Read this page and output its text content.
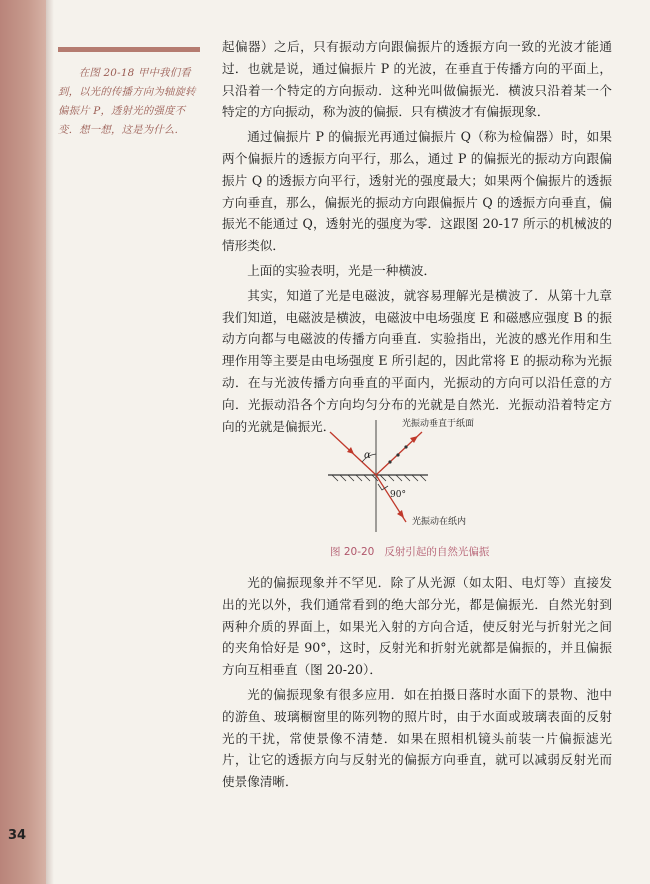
34
在图 20-18 甲中我们看到，以光的传播方向为轴旋转偏振片 P，透射光的强度不变．想一想，这是为什么．

起偏器）之后，只有振动方向跟偏振片的透振方向一致的光波才能通过．也就是说，通过偏振片 P 的光波，在垂直于传播方向的平面上，只沿着一个特定的方向振动．这种光叫做偏振光．横波只沿着某一个特定的方向振动，称为波的偏振．只有横波才有偏振现象．

通过偏振片 P 的偏振光再通过偏振片 Q（称为检偏器）时，如果两个偏振片的透振方向平行，那么，通过 P 的偏振光的振动方向跟偏振片 Q 的透振方向平行，透射光的强度最大；如果两个偏振片的透振方向垂直，那么，偏振光的振动方向跟偏振片 Q 的透振方向垂直，偏振光不能通过 Q，透射光的强度为零．这跟图 20-17 所示的机械波的情形类似．

上面的实验表明，光是一种横波．

其实，知道了光是电磁波，就容易理解光是横波了．从第十九章我们知道，电磁波是横波，电磁波中电场强度 E 和磁感应强度 B 的振动方向都与电磁波的传播方向垂直．实验指出，光波的感光作用和生理作用等主要是由电场强度 E 所引起的，因此常将 E 的振动称为光振动．在与光波传播方向垂直的平面内，光振动的方向可以沿任意的方向．光振动沿各个方向均匀分布的光就是自然光．光振动沿着特定方向的光就是偏振光．

α
90°
光振动垂直于纸面
光振动在纸内
图 20-20 反射引起的自然光偏振

光的偏振现象并不罕见．除了从光源（如太阳、电灯等）直接发出的光以外，我们通常看到的绝大部分光，都是偏振光．自然光射到两种介质的界面上，如果光入射的方向合适，使反射光与折射光之间的夹角恰好是 90°，这时，反射光和折射光就都是偏振的，并且偏振方向互相垂直（图 20-20）．

光的偏振现象有很多应用．如在拍摄日落时水面下的景物、池中的游鱼、玻璃橱窗里的陈列物的照片时，由于水面或玻璃表面的反射光的干扰，常使景像不清楚．如果在照相机镜头前装一片偏振滤光片，让它的透振方向与反射光的偏振方向垂直，就可以减弱反射光而使景像清晰．
